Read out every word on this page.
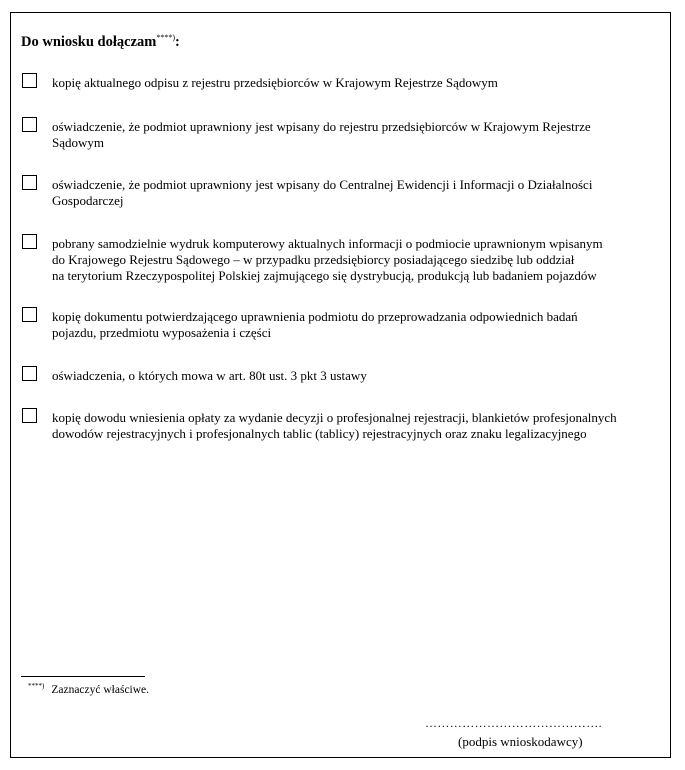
Do wniosku dołączam****):
kopię aktualnego odpisu z rejestru przedsiębiorców w Krajowym Rejestrze Sądowym
oświadczenie, że podmiot uprawniony jest wpisany do rejestru przedsiębiorców w Krajowym Rejestrze
Sądowym
oświadczenie, że podmiot uprawniony jest wpisany do Centralnej Ewidencji i Informacji o Działalności
Gospodarczej
pobrany samodzielnie wydruk komputerowy aktualnych informacji o podmiocie uprawnionym wpisanym
do Krajowego Rejestru Sądowego – w przypadku przedsiębiorcy posiadającego siedzibę lub oddział
na terytorium Rzeczypospolitej Polskiej zajmującego się dystrybucją, produkcją lub badaniem pojazdów
kopię dokumentu potwierdzającego uprawnienia podmiotu do przeprowadzania odpowiednich badań
pojazdu, przedmiotu wyposażenia i części
oświadczenia, o których mowa w art. 80t ust. 3 pkt 3 ustawy
kopię dowodu wniesienia opłaty za wydanie decyzji o profesjonalnej rejestracji, blankietów profesjonalnych
dowodów rejestracyjnych i profesjonalnych tablic (tablicy) rejestracyjnych oraz znaku legalizacyjnego
****) Zaznaczyć właściwe.
…………………………………….
(podpis wnioskodawcy)
